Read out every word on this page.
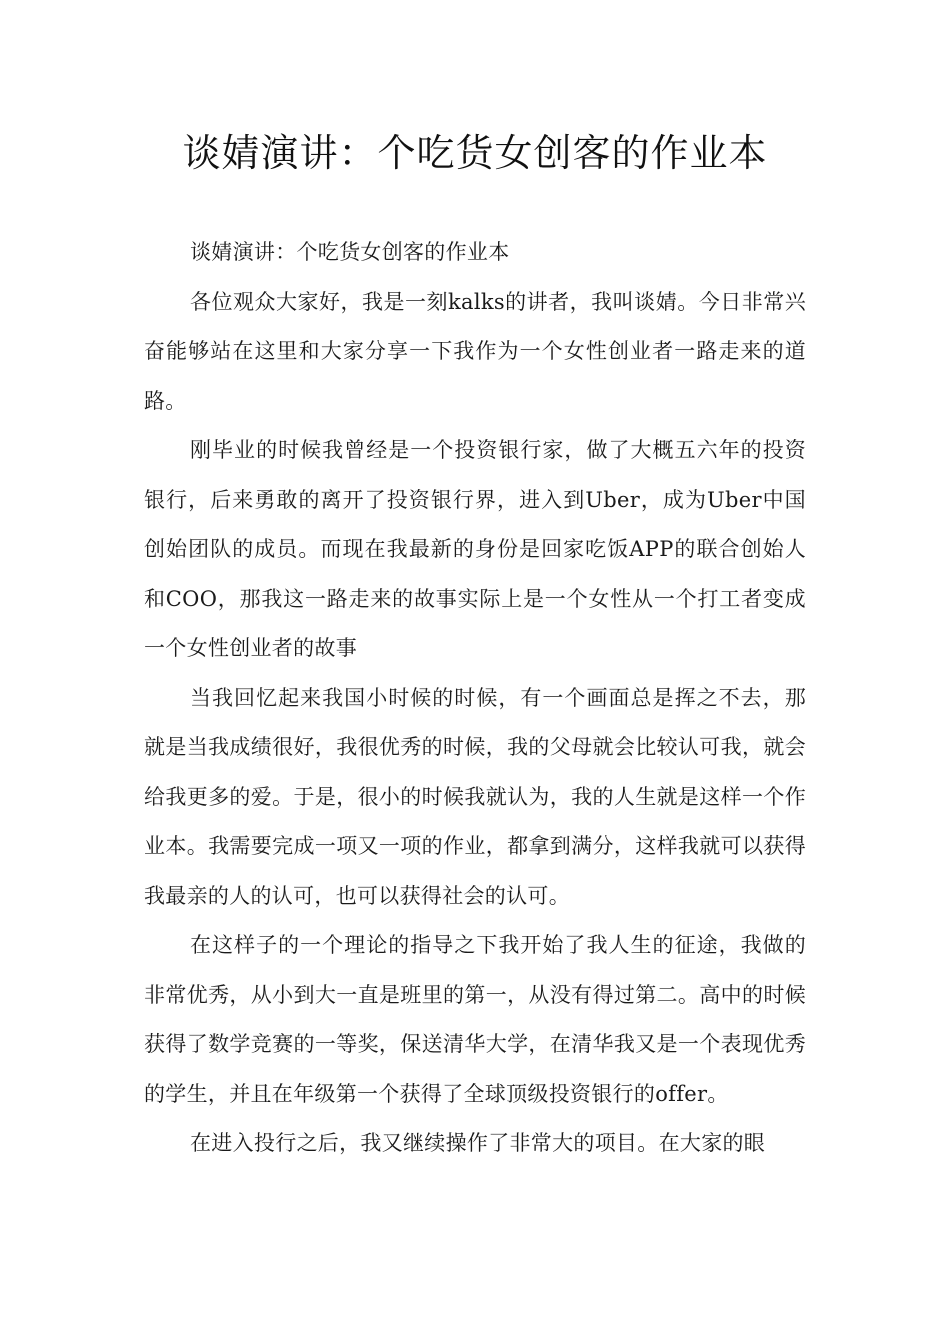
谈婧演讲：个吃货女创客的作业本

谈婧演讲：个吃货女创客的作业本

各位观众大家好，我是一刻kalks的讲者，我叫谈婧。今日非常兴奋能够站在这里和大家分享一下我作为一个女性创业者一路走来的道路。

刚毕业的时候我曾经是一个投资银行家，做了大概五六年的投资银行，后来勇敢的离开了投资银行界，进入到Uber，成为Uber中国创始团队的成员。而现在我最新的身份是回家吃饭APP的联合创始人和COO，那我这一路走来的故事实际上是一个女性从一个打工者变成一个女性创业者的故事

当我回忆起来我国小时候的时候，有一个画面总是挥之不去，那就是当我成绩很好，我很优秀的时候，我的父母就会比较认可我，就会给我更多的爱。于是，很小的时候我就认为，我的人生就是这样一个作业本。我需要完成一项又一项的作业，都拿到满分，这样我就可以获得我最亲的人的认可，也可以获得社会的认可。

在这样子的一个理论的指导之下我开始了我人生的征途，我做的非常优秀，从小到大一直是班里的第一，从没有得过第二。高中的时候获得了数学竞赛的一等奖，保送清华大学，在清华我又是一个表现优秀的学生，并且在年级第一个获得了全球顶级投资银行的offer。

在进入投行之后，我又继续操作了非常大的项目。在大家的眼
